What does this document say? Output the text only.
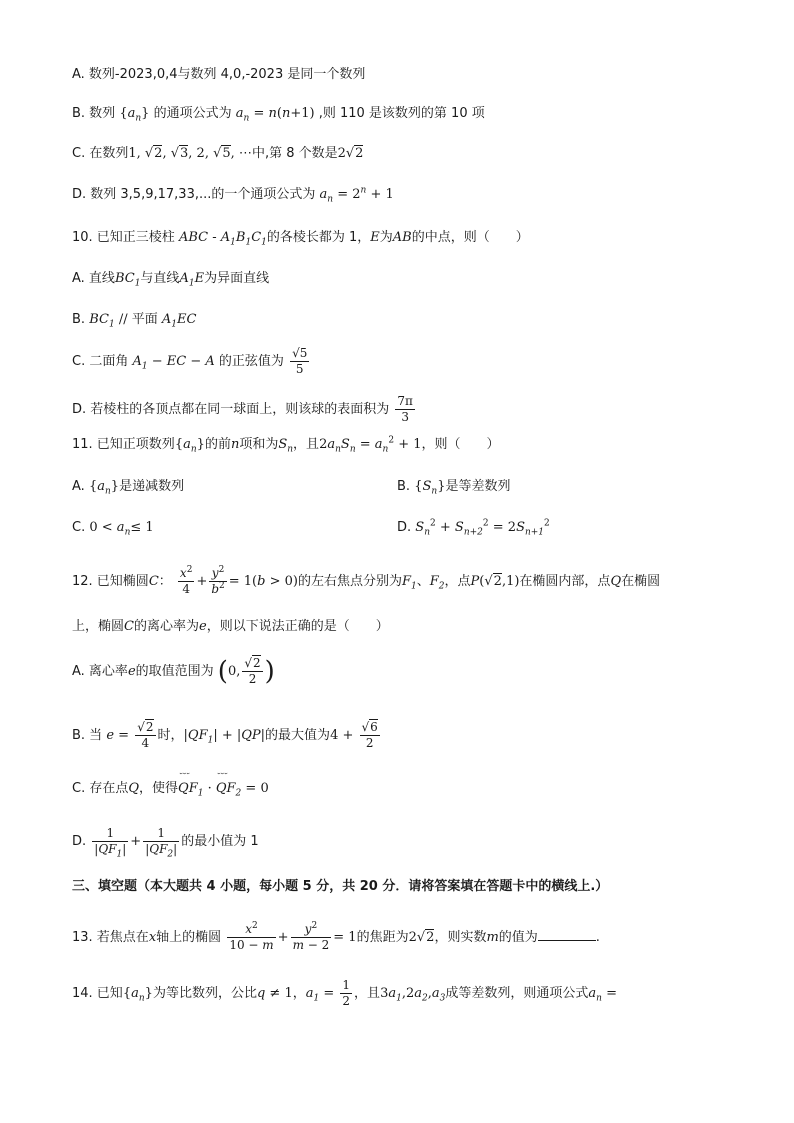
A. 数列-2023,0,4与数列 4,0,-2023 是同一个数列
B. 数列 $\{a_n\}$ 的通项公式为 $a_n = n(n+1)$ ,则 110 是该数列的第 10 项
C. 在数列1, √2, √3, 2, √5, ⋯中,第 8 个数是2√2
D. 数列 3,5,9,17,33,...的一个通项公式为 $a_n = 2^n + 1$
10. 已知正三棱柱 ABC - $A_1B_1C_1$的各棱长都为 1，E为AB的中点，则（　　）
A. 直线$BC_1$与直线$A_1E$为异面直线
B. $BC_1$ // 平面 $A_1EC$
C. 二面角 $A_1$ − EC − A 的正弦值为 $\frac{√5}{5}$
D. 若棱柱的各顶点都在同一球面上，则该球的表面积为 $\frac{7\pi}{3}$
11. 已知正项数列$\{a_n\}$的前n项和为$S_n$，且$2a_nS_n = a_n^2 + 1$，则（　　）
A. $\{a_n\}$是递减数列	B. $\{S_n\}$是等差数列
C. $0 < a_n\le 1$	D. $S_n^2 + S_{n+2}^2 = 2S_{n+1}^2$
12. 已知椭圆C： $\frac{x^2}{4} + \frac{y^2}{b^2} = 1(b > 0)$的左右焦点分别为$F_1$、$F_2$，点P(√2,1)在椭圆内部，点Q在椭圆
上，椭圆C的离心率为e，则以下说法正确的是（　　）
A. 离心率e的取值范围为 (0, $\frac{√2}{2}$ )
B. 当 $e = \frac{√2}{4}$ 时，$|QF_1| + |QP|$的最大值为$4 + \frac{√6}{2}$
C. 存在点Q，使得˘˘˘ $QF_1$ · ˘˘˘ $QF_2 = 0$
D. $\frac{1}{|QF_1|} + \frac{1}{|QF_2|}$ 的最小值为 1
三、填空题（本大题共 4 小题，每小题 5 分，共 20 分．请将答案填在答题卡中的横线上.）
13. 若焦点在x轴上的椭圆 $\frac{x^2}{10 - m} + \frac{y^2}{m - 2} = 1$的焦距为2√2，则实数m的值为	.
14. 已知$\{a_n\}$为等比数列，公比q ≠ 1，$a_1 = \frac{1}{2}$ ，且$3a_1,2a_2,a_3$成等差数列，则通项公式$a_n$ =
